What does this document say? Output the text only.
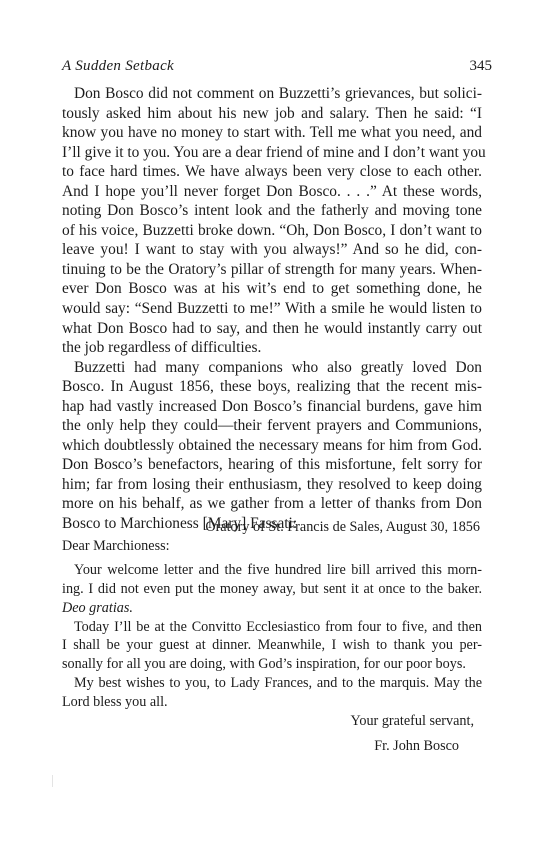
A Sudden Setback	345
Don Bosco did not comment on Buzzetti’s grievances, but solici-
tously asked him about his new job and salary. Then he said: “I
know you have no money to start with. Tell me what you need, and
I’ll give it to you. You are a dear friend of mine and I don’t want you
to face hard times. We have always been very close to each other.
And I hope you’ll never forget Don Bosco. . . .” At these words,
noting Don Bosco’s intent look and the fatherly and moving tone
of his voice, Buzzetti broke down. “Oh, Don Bosco, I don’t want to
leave you! I want to stay with you always!” And so he did, con-
tinuing to be the Oratory’s pillar of strength for many years. When-
ever Don Bosco was at his wit’s end to get something done, he
would say: “Send Buzzetti to me!” With a smile he would listen to
what Don Bosco had to say, and then he would instantly carry out
the job regardless of difficulties.
Buzzetti had many companions who also greatly loved Don
Bosco. In August 1856, these boys, realizing that the recent mis-
hap had vastly increased Don Bosco’s financial burdens, gave him
the only help they could—their fervent prayers and Communions,
which doubtlessly obtained the necessary means for him from God.
Don Bosco’s benefactors, hearing of this misfortune, felt sorry for
him; far from losing their enthusiasm, they resolved to keep doing
more on his behalf, as we gather from a letter of thanks from Don
Bosco to Marchioness [Mary] Fassati:
Oratory of St. Francis de Sales, August 30, 1856
Dear Marchioness:
Your welcome letter and the five hundred lire bill arrived this morn-
ing. I did not even put the money away, but sent it at once to the baker.
Deo gratias.
Today I’ll be at the Convitto Ecclesiastico from four to five, and then
I shall be your guest at dinner. Meanwhile, I wish to thank you per-
sonally for all you are doing, with God’s inspiration, for our poor boys.
My best wishes to you, to Lady Frances, and to the marquis. May the
Lord bless you all.
Your grateful servant,
Fr. John Bosco
